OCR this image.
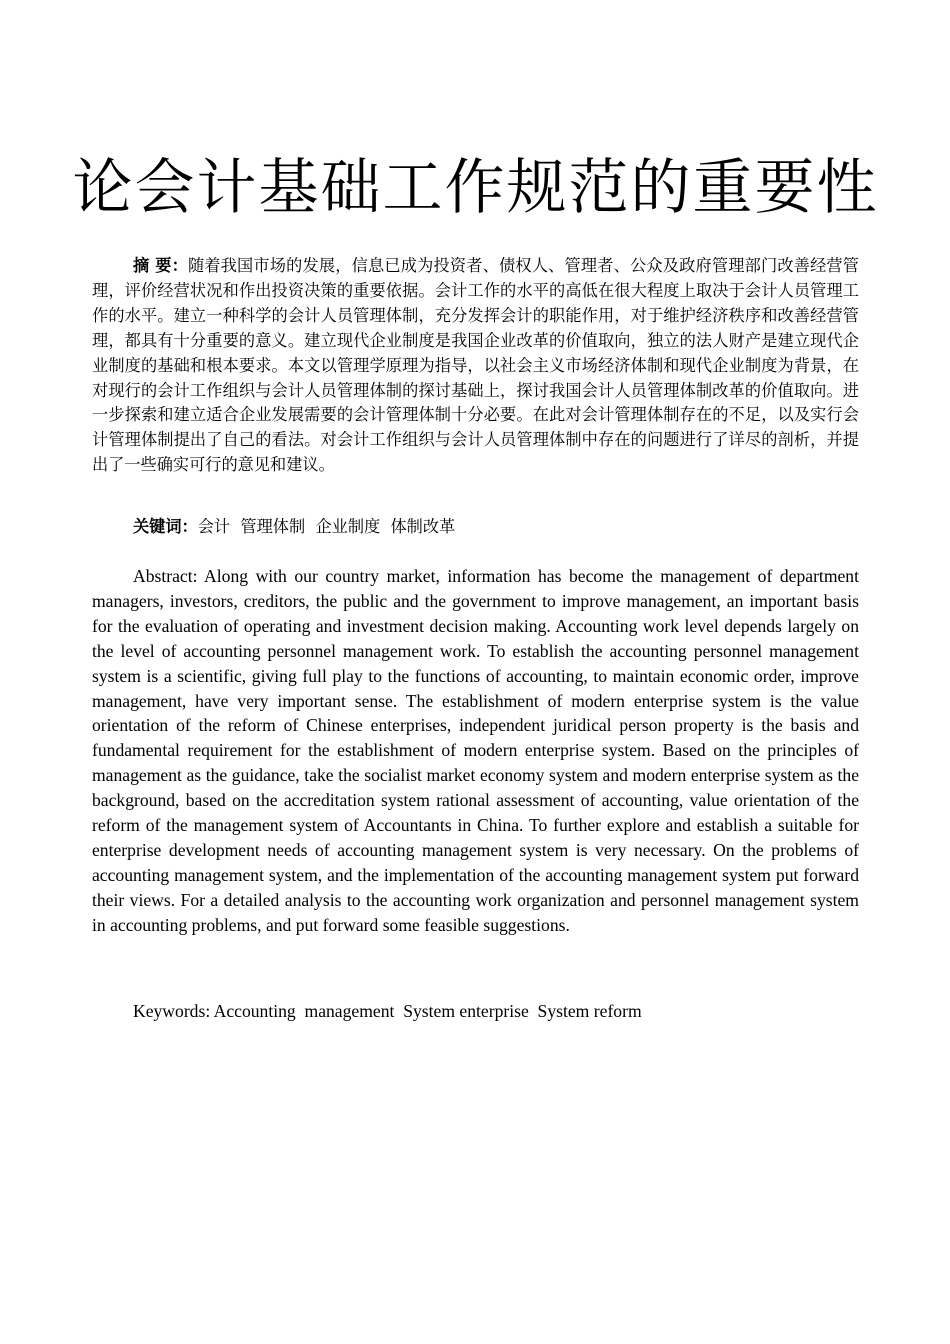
论会计基础工作规范的重要性

摘 要：随着我国市场的发展，信息已成为投资者、债权人、管理者、公众及政府管理部门改善经营管理，评价经营状况和作出投资决策的重要依据。会计工作的水平的高低在很大程度上取决于会计人员管理工作的水平。建立一种科学的会计人员管理体制，充分发挥会计的职能作用，对于维护经济秩序和改善经营管理，都具有十分重要的意义。建立现代企业制度是我国企业改革的价值取向，独立的法人财产是建立现代企业制度的基础和根本要求。本文以管理学原理为指导，以社会主义市场经济体制和现代企业制度为背景，在对现行的会计工作组织与会计人员管理体制的探讨基础上，探讨我国会计人员管理体制改革的价值取向。进一步探索和建立适合企业发展需要的会计管理体制十分必要。在此对会计管理体制存在的不足，以及实行会计管理体制提出了自己的看法。对会计工作组织与会计人员管理体制中存在的问题进行了详尽的剖析，并提出了一些确实可行的意见和建议。

关键词：会计  管理体制  企业制度  体制改革

Abstract: Along with our country market, information has become the management of department managers, investors, creditors, the public and the government to improve management, an important basis for the evaluation of operating and investment decision making. Accounting work level depends largely on the level of accounting personnel management work. To establish the accounting personnel management system is a scientific, giving full play to the functions of accounting, to maintain economic order, improve management, have very important sense. The establishment of modern enterprise system is the value orientation of the reform of Chinese enterprises, independent juridical person property is the basis and fundamental requirement for the establishment of modern enterprise system. Based on the principles of management as the guidance, take the socialist market economy system and modern enterprise system as the background, based on the accreditation system rational assessment of accounting, value orientation of the reform of the management system of Accountants in China. To further explore and establish a suitable for enterprise development needs of accounting management system is very necessary. On the problems of accounting management system, and the implementation of the accounting management system put forward their views. For a detailed analysis to the accounting work organization and personnel management system in accounting problems, and put forward some feasible suggestions.

Keywords: Accounting  management  System enterprise  System reform
